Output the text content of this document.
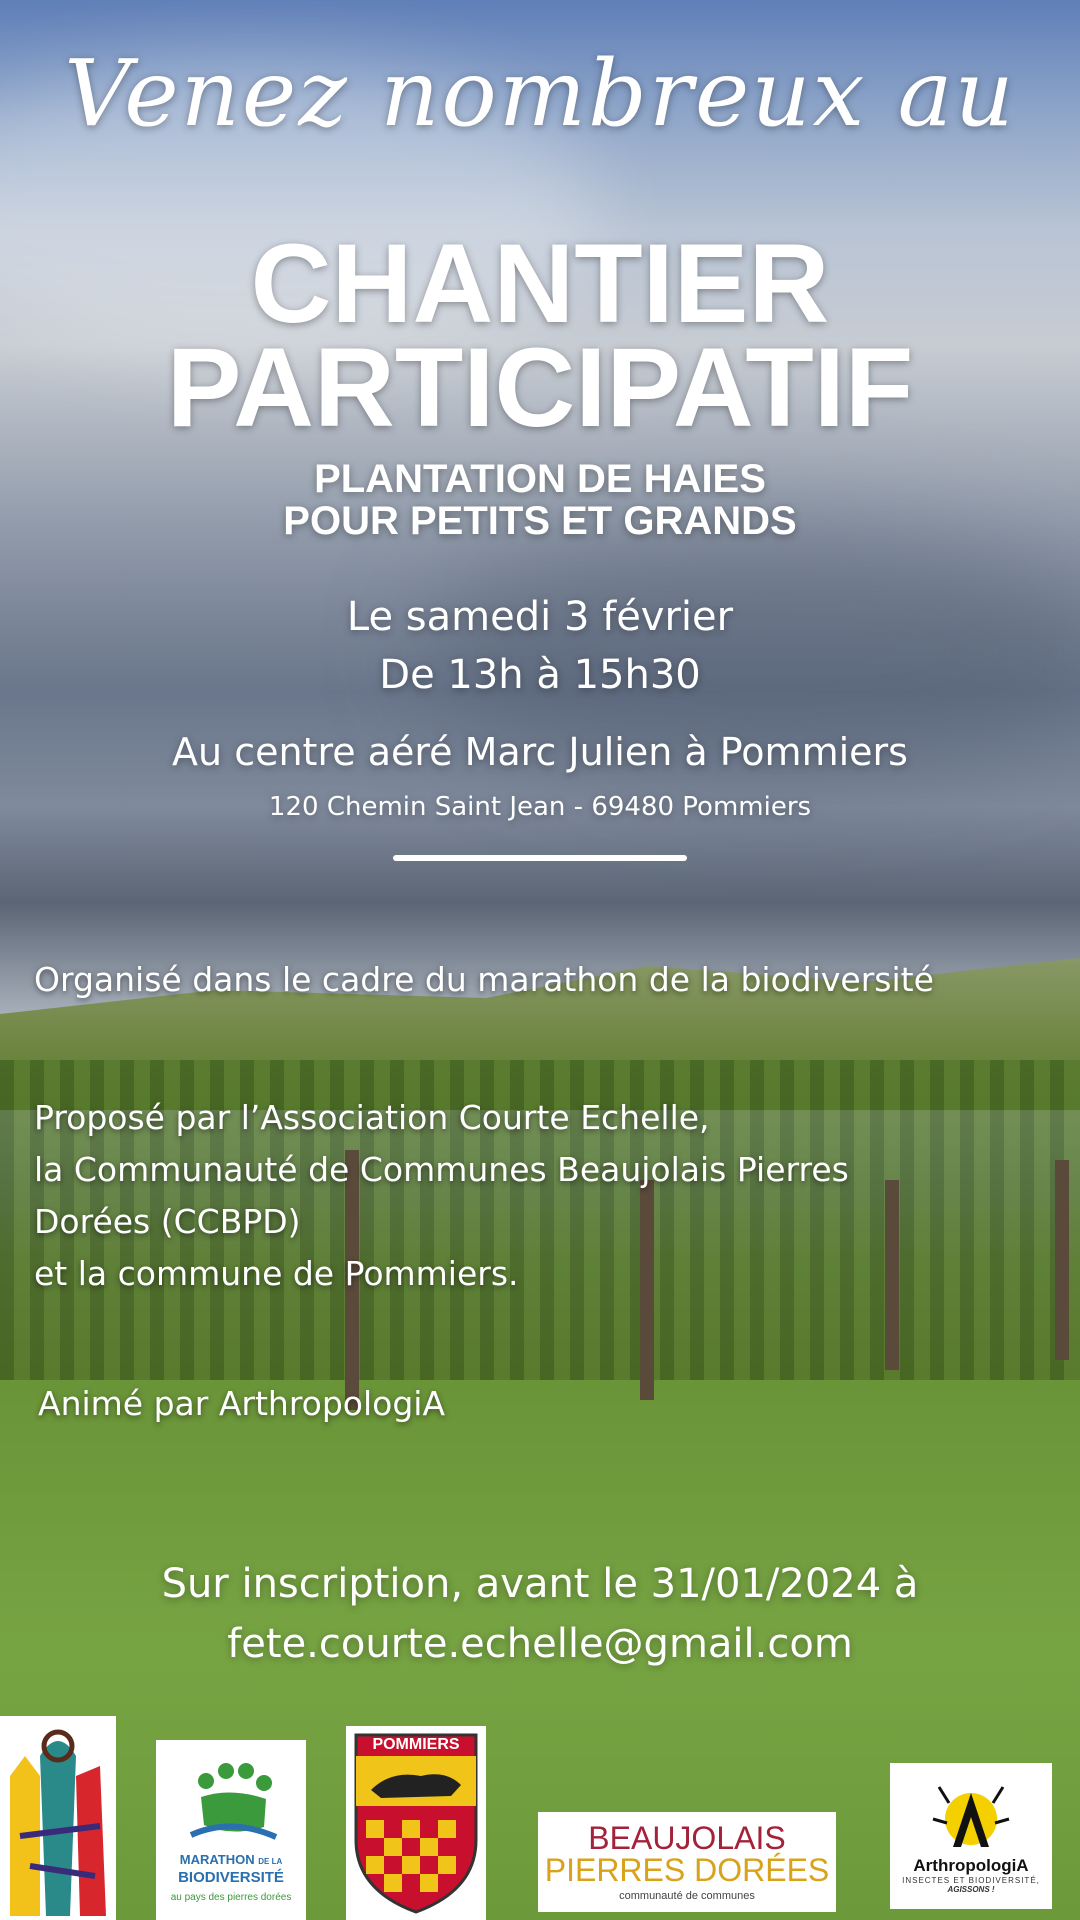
Venez nombreux au
CHANTIER
PARTICIPATIF
PLANTATION DE HAIES
POUR PETITS ET GRANDS
Le samedi 3 février
De 13h à 15h30
Au centre aéré Marc Julien à Pommiers
120 Chemin Saint Jean - 69480 Pommiers
Organisé dans le cadre du marathon de la biodiversité
Proposé par l’Association Courte Echelle,
la Communauté de Communes Beaujolais Pierres
Dorées (CCBPD)
et la commune de Pommiers.
Animé par ArthropologiA
Sur inscription, avant le 31/01/2024 à
fete.courte.echelle@gmail.com
MARATHON DE LA
BIODIVERSITÉ
au pays des pierres dorées
POMMIERS
BEAUJOLAIS
PIERRES DORÉES
communauté de communes
ArthropologiA
INSECTES ET BIODIVERSITÉ,
AGISSONS !
